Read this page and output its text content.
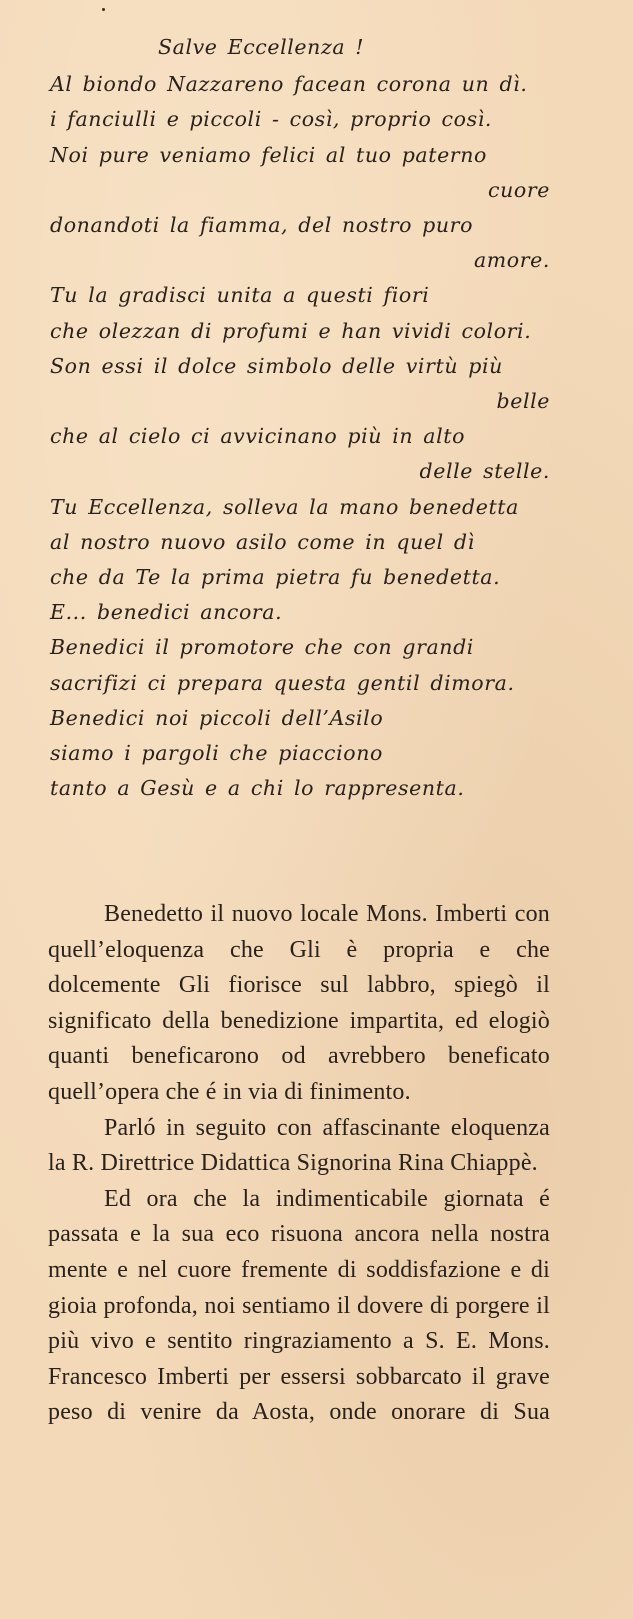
Salve Eccellenza !
Al biondo Nazzareno facean corona un dì.
i fanciulli e piccoli - così, proprio così.
Noi pure veniamo felici al tuo paterno
cuore
donandoti la fiamma, del nostro puro
amore.
Tu la gradisci unita a questi fiori
che olezzan di profumi e han vividi colori.
Son essi il dolce simbolo delle virtù più
belle
che al cielo ci avvicinano più in alto
delle stelle.
Tu Eccellenza, solleva la mano benedetta
al nostro nuovo asilo come in quel dì
che da Te la prima pietra fu benedetta.
E... benedici ancora.
Benedici il promotore che con grandi
sacrifizi ci prepara questa gentil dimora.
Benedici noi piccoli dell’Asilo
siamo i pargoli che piacciono
tanto a Gesù e a chi lo rappresenta.

Benedetto il nuovo locale Mons. Imberti con quell’eloquenza che Gli è propria e che dolcemente Gli fiorisce sul labbro, spiegò il significato della benedizione impartita, ed elogiò quanti beneficarono od avrebbero beneficato quell’opera che é in via di finimento.

Parló in seguito con affascinante eloquenza la R. Direttrice Didattica Signorina Rina Chiappè.

Ed ora che la indimenticabile giornata é passata e la sua eco risuona ancora nella nostra mente e nel cuore fremente di soddisfazione e di gioia profonda, noi sentiamo il dovere di porgere il più vivo e sentito ringraziamento a S. E. Mons. Francesco Imberti per essersi sobbarcato il grave peso di venire da Aosta, onde onorare di Sua
